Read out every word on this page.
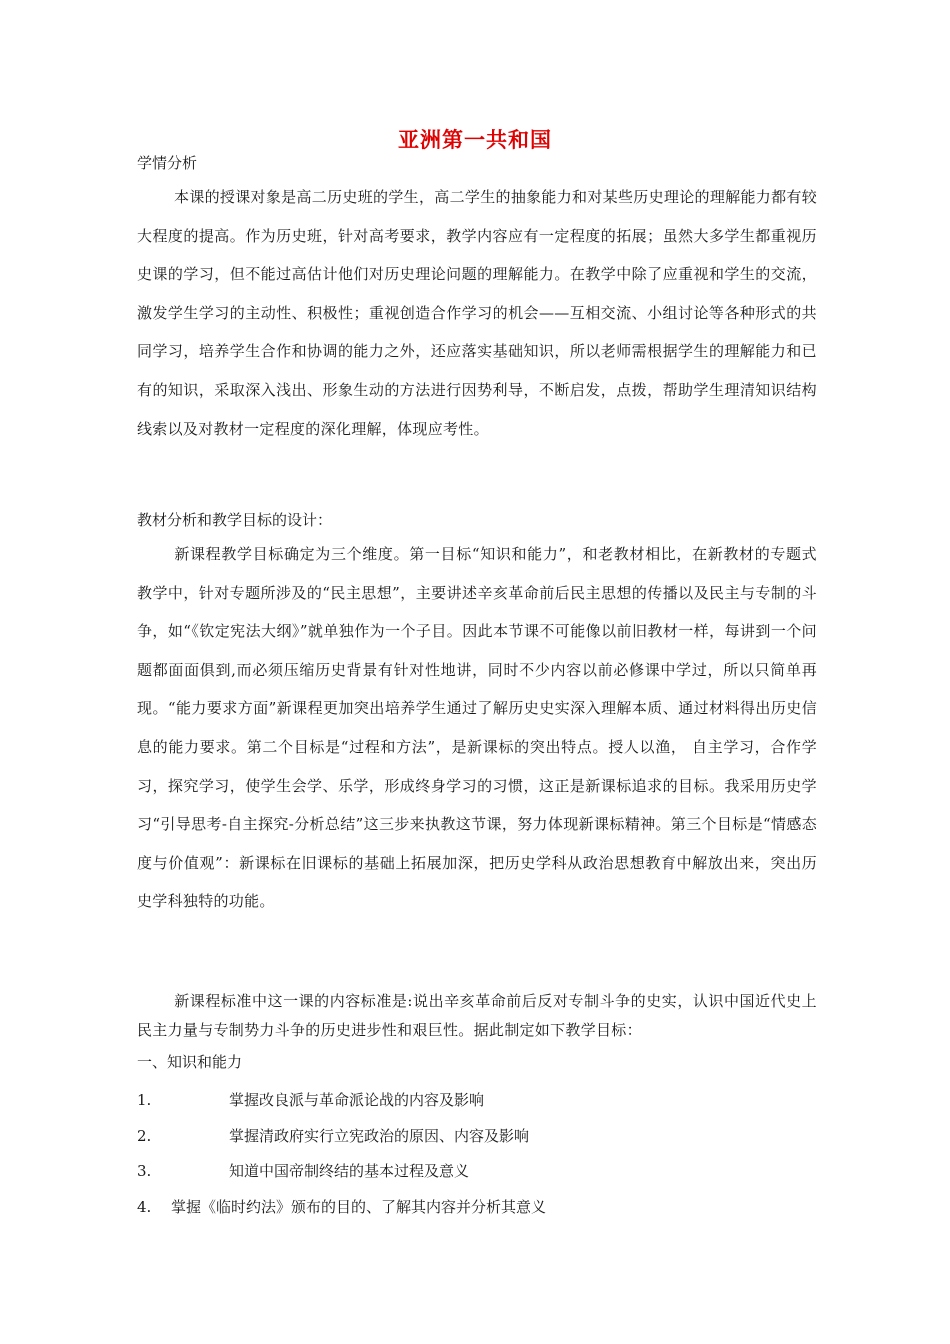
亚洲第一共和国
学情分析
本课的授课对象是高二历史班的学生，高二学生的抽象能力和对某些历史理论的理解能力都有较大程度的提高。作为历史班，针对高考要求，教学内容应有一定程度的拓展；虽然大多学生都重视历史课的学习，但不能过高估计他们对历史理论问题的理解能力。在教学中除了应重视和学生的交流，激发学生学习的主动性、积极性；重视创造合作学习的机会——互相交流、小组讨论等各种形式的共同学习，培养学生合作和协调的能力之外，还应落实基础知识，所以老师需根据学生的理解能力和已有的知识，采取深入浅出、形象生动的方法进行因势利导，不断启发，点拨，帮助学生理清知识结构线索以及对教材一定程度的深化理解，体现应考性。
教材分析和教学目标的设计：
新课程教学目标确定为三个维度。第一目标“知识和能力”，和老教材相比，在新教材的专题式教学中，针对专题所涉及的“民主思想”，主要讲述辛亥革命前后民主思想的传播以及民主与专制的斗争，如“《钦定宪法大纲》”就单独作为一个子目。因此本节课不可能像以前旧教材一样，每讲到一个问题都面面俱到,而必须压缩历史背景有针对性地讲，同时不少内容以前必修课中学过，所以只简单再现。“能力要求方面”新课程更加突出培养学生通过了解历史史实深入理解本质、通过材料得出历史信息的能力要求。第二个目标是“过程和方法”，是新课标的突出特点。授人以渔， 自主学习，合作学习，探究学习，使学生会学、乐学，形成终身学习的习惯，这正是新课标追求的目标。我采用历史学习“引导思考-自主探究-分析总结”这三步来执教这节课，努力体现新课标精神。第三个目标是“情感态度与价值观”：新课标在旧课标的基础上拓展加深，把历史学科从政治思想教育中解放出来，突出历史学科独特的功能。
新课程标准中这一课的内容标准是:说出辛亥革命前后反对专制斗争的史实，认识中国近代史上民主力量与专制势力斗争的历史进步性和艰巨性。据此制定如下教学目标：
一、知识和能力
1.	掌握改良派与革命派论战的内容及影响
2.	掌握清政府实行立宪政治的原因、内容及影响
3.	知道中国帝制终结的基本过程及意义
4. 掌握《临时约法》颁布的目的、了解其内容并分析其意义
